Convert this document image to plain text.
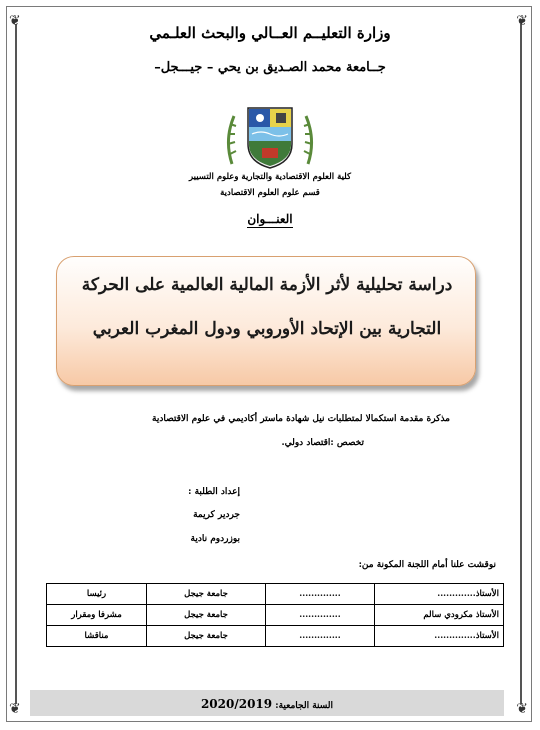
❦	❦
❦	❦
وزارة التعليــم العــالي والبحث العلـمي
جــامعة محمد الصـديق بن يحي – جيـــجل–
كلية العلوم الاقتصادية والتجارية وعلوم التسيير
قسم علوم العلوم الاقتصادية
العنـــوان
دراسة تحليلية لأثر الأزمة المالية العالمية على الحركة
التجارية بين الإتحاد الأوروبي ودول المغرب العربي
مذكرة مقدمة استكمالا لمتطلبات نيل شهادة ماستر أكاديمي في علوم الاقتصادية
تخصص :اقتصاد دولي.
إعداد الطلبة :
جردير كريمة
بوزردوم نادية
نوقشت علنا أمام اللجنة المكونة من:
الأستاذ.............	..............	جامعة جيجل	رئيسا
الأستاذ مكرودي سالم	..............	جامعة جيجل	مشرفا ومقرار
الأستاذ..............	..............	جامعة جيجل	مناقشا
السنة الجامعية: 2020/2019
